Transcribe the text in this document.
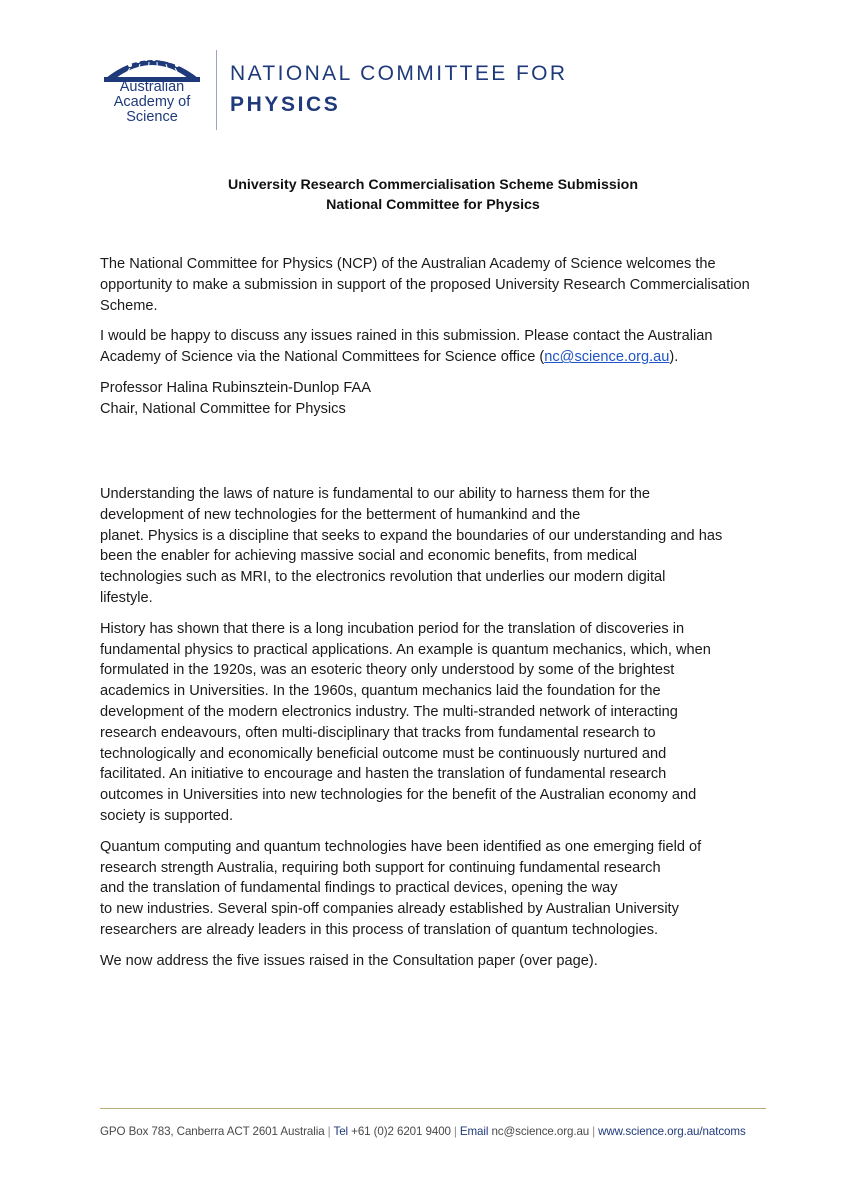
Australian
Academy of
Science
NATIONAL COMMITTEE FOR
PHYSICS
University Research Commercialisation Scheme Submission
National Committee for Physics

The National Committee for Physics (NCP) of the Australian Academy of Science welcomes the opportunity to make a submission in support of the proposed University Research Commercialisation Scheme.

I would be happy to discuss any issues rained in this submission. Please contact the Australian Academy of Science via the National Committees for Science office (nc@science.org.au).

Professor Halina Rubinsztein-Dunlop FAA
Chair, National Committee for Physics

Understanding the laws of nature is fundamental to our ability to harness them for the
development of new technologies for the betterment of humankind and the
planet. Physics is a discipline that seeks to expand the boundaries of our understanding and has
been the enabler for achieving massive social and economic benefits, from medical
technologies such as MRI, to the electronics revolution that underlies our modern digital
lifestyle.

History has shown that there is a long incubation period for the translation of discoveries in
fundamental physics to practical applications. An example is quantum mechanics, which, when
formulated in the 1920s, was an esoteric theory only understood by some of the brightest
academics in Universities. In the 1960s, quantum mechanics laid the foundation for the
development of the modern electronics industry. The multi-stranded network of interacting
research endeavours, often multi-disciplinary that tracks from fundamental research to
technologically and economically beneficial outcome must be continuously nurtured and
facilitated. An initiative to encourage and hasten the translation of fundamental research
outcomes in Universities into new technologies for the benefit of the Australian economy and
society is supported.

Quantum computing and quantum technologies have been identified as one emerging field of
research strength Australia, requiring both support for continuing fundamental research
and the translation of fundamental findings to practical devices, opening the way
to new industries. Several spin-off companies already established by Australian University
researchers are already leaders in this process of translation of quantum technologies.

We now address the five issues raised in the Consultation paper (over page).

GPO Box 783, Canberra ACT 2601 Australia | Tel +61 (0)2 6201 9400 | Email nc@science.org.au | www.science.org.au/natcoms
